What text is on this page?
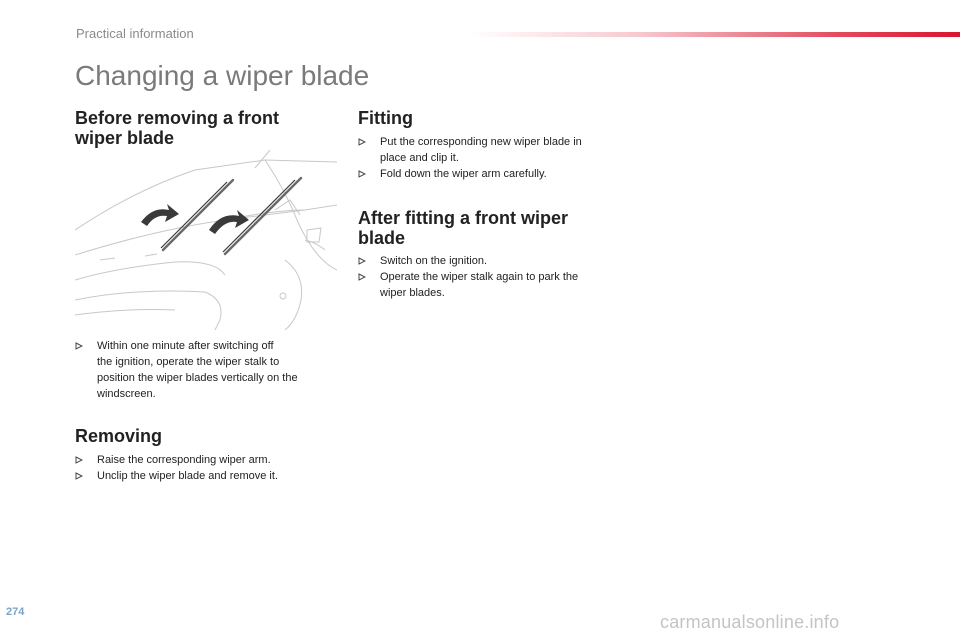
Practical information
Changing a wiper blade
Before removing a front
wiper blade
Within one minute after switching off
the ignition, operate the wiper stalk to
position the wiper blades vertically on the
windscreen.
Removing
Raise the corresponding wiper arm.
Unclip the wiper blade and remove it.
Fitting
Put the corresponding new wiper blade in
place and clip it.
Fold down the wiper arm carefully.
After fitting a front wiper
blade
Switch on the ignition.
Operate the wiper stalk again to park the
wiper blades.
274	carmanualsonline.info
